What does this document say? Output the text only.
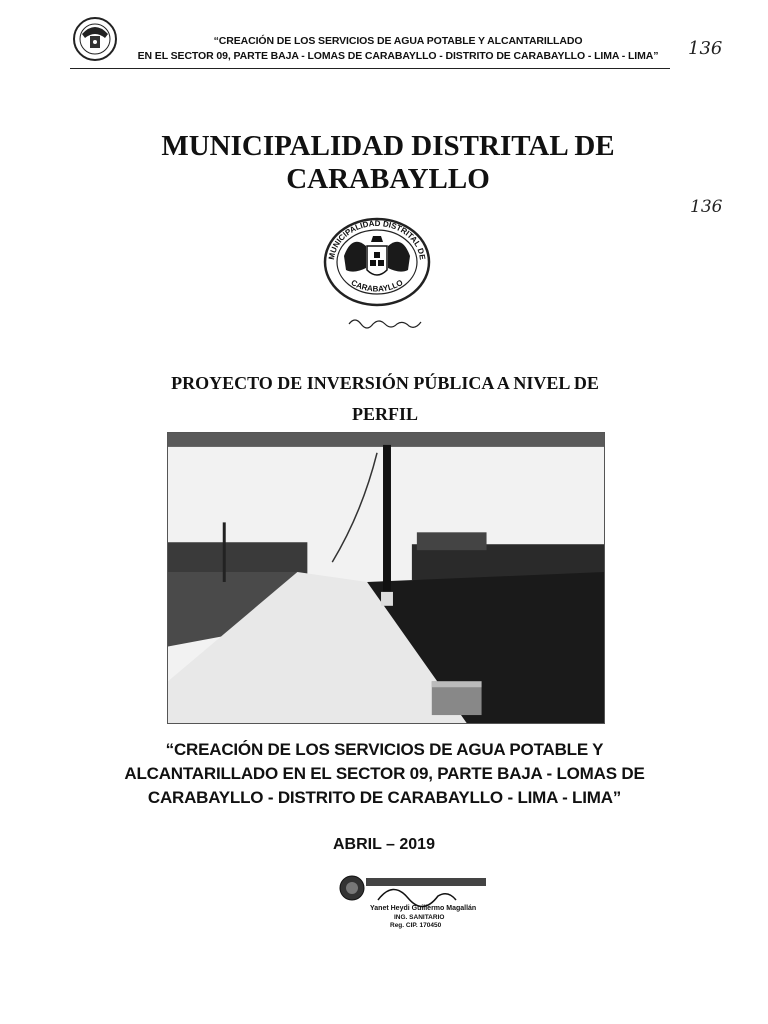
“CREACIÓN DE LOS SERVICIOS DE AGUA POTABLE Y ALCANTARILLADO
EN EL SECTOR 09, PARTE BAJA - LOMAS DE CARABAYLLO - DISTRITO DE CARABAYLLO - LIMA - LIMA”	136
136
MUNICIPALIDAD DISTRITAL DE
CARABAYLLO
MUNICIPALIDAD DISTRITAL DE
CARABAYLLO
PROYECTO DE INVERSIÓN PÚBLICA A NIVEL DE
PERFIL
“CREACIÓN DE LOS SERVICIOS DE AGUA POTABLE Y
ALCANTARILLADO EN EL SECTOR 09, PARTE BAJA - LOMAS DE
CARABAYLLO - DISTRITO DE CARABAYLLO - LIMA - LIMA”
ABRIL – 2019
Yanet Heydi Guillermo Magallán
ING. SANITARIO
Reg. CIP. 170450
